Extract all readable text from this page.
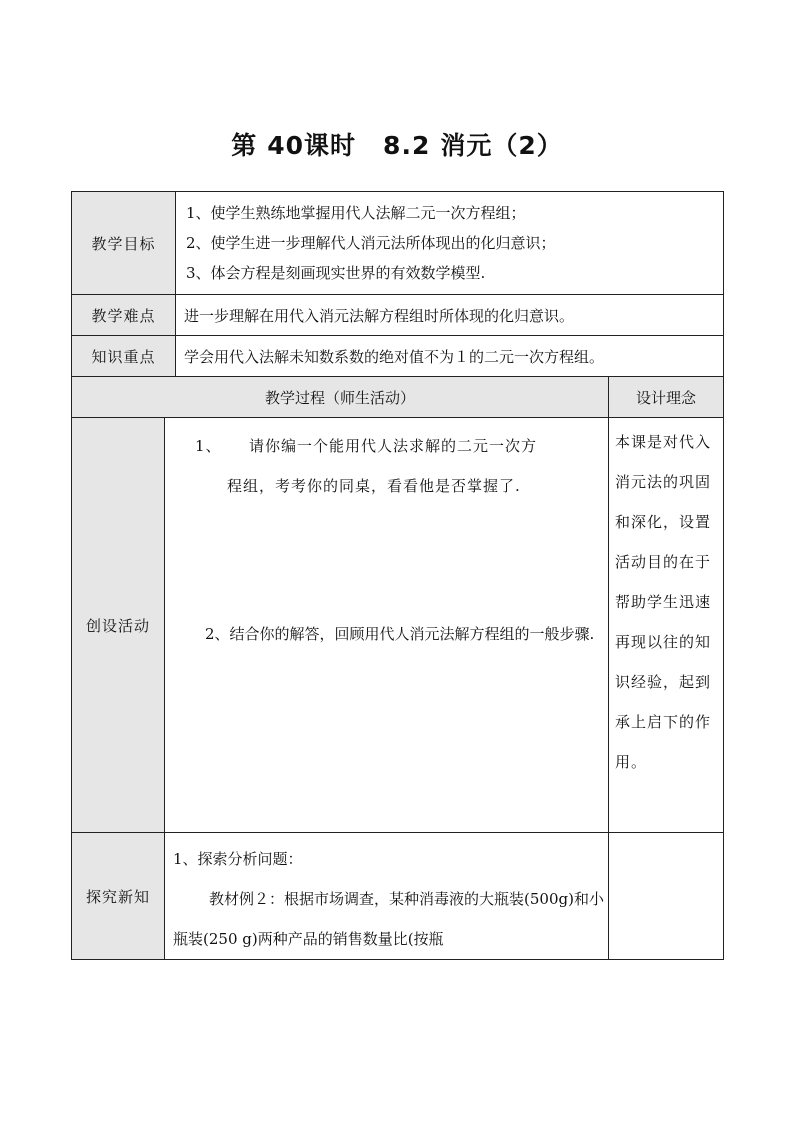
第 40课时 8.2 消元（2）
教学目标		1、使学生熟练地掌握用代人法解二元一次方程组；

2、使学生进一步理解代人消元法所体现出的化归意识；

3、体会方程是刻画现实世界的有效数学模型.	

教学难点		进一步理解在用代入消元法解方程组时所体现的化归意识。	
知识重点		学会用代入法解未知数系数的绝对值不为１的二元一次方程组。	
教学过程（师生活动）			设计理念
创设活动	1、 请你编一个能用代人法求解的二元一次方

程组，考考你的同桌，看看他是否掌握了.

2、结合你的解答，回顾用代人消元法解方程组的一般步骤.		本课是对代入消元法的巩固和深化，设置活动目的在于帮助学生迅速再现以往的知识经验，起到承上启下的作用。
探究新知	1、探索分析问题：

教材例２：根据市场调查，某种消毒液的大瓶装(500g)和小瓶装(250 g)两种产品的销售数量比(按瓶		
